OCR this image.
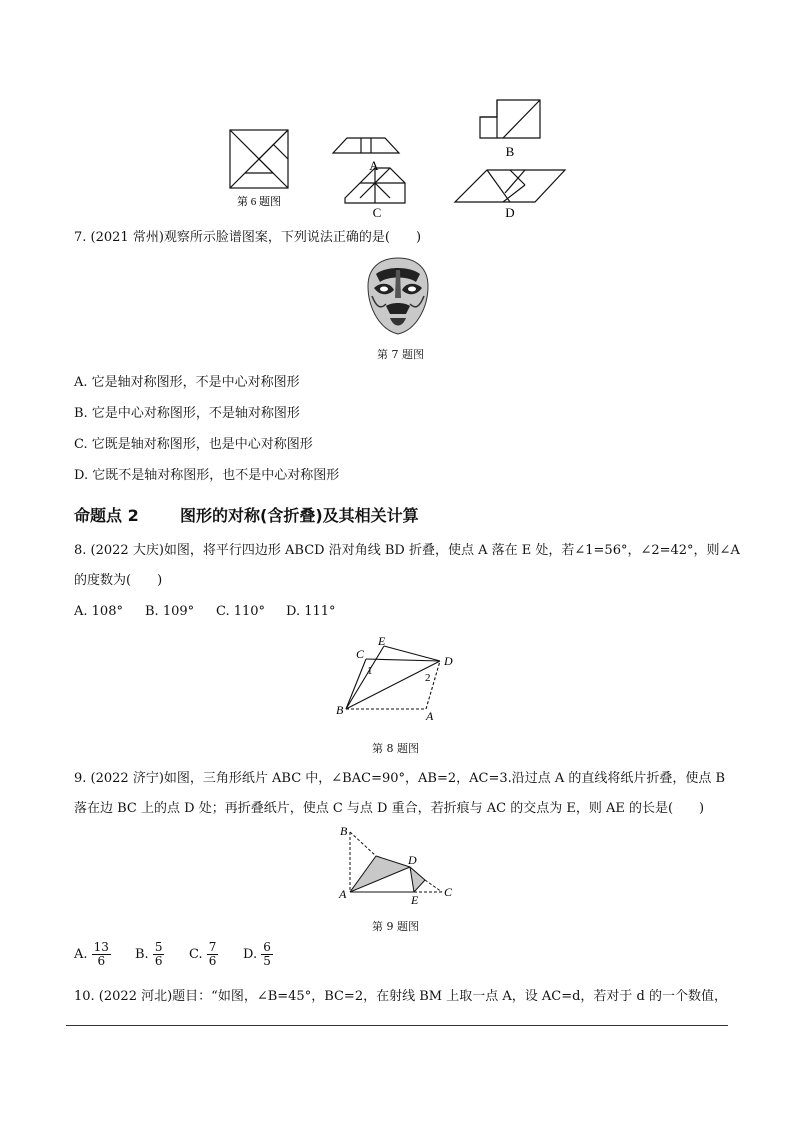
A
B
C	D
第 6 题图
7. (2021 常州)观察所示脸谱图案，下列说法正确的是(　　)
第 7 题图
A. 它是轴对称图形，不是中心对称图形
B. 它是中心对称图形，不是轴对称图形
C. 它既是轴对称图形，也是中心对称图形
D. 它既不是轴对称图形，也不是中心对称图形
命题点 2	图形的对称(含折叠)及其相关计算
8. (2022 大庆)如图，将平行四边形 ABCD 沿对角线 BD 折叠，使点 A 落在 E 处，若∠1=56°，∠2=42°，则∠A
的度数为(　　)
A. 108° B. 109° C. 110° D. 111°
C
E
D
B	A
1
2
第 8 题图
9. (2022 济宁)如图，三角形纸片 ABC 中，∠BAC=90°，AB=2，AC=3.沿过点 A 的直线将纸片折叠，使点 B
落在边 BC 上的点 D 处；再折叠纸片，使点 C 与点 D 重合，若折痕与 AC 的交点为 E，则 AE 的长是(　　)
B
D
A	E
C
第 9 题图
A. $\frac{13}{6} B$. $\frac{5}{6} C$. $\frac{7}{6} D$. $\frac{6}{5}$
10. (2022 河北)题目：“如图，∠B=45°，BC=2，在射线 BM 上取一点 A，设 AC=d，若对于 d 的一个数值，
